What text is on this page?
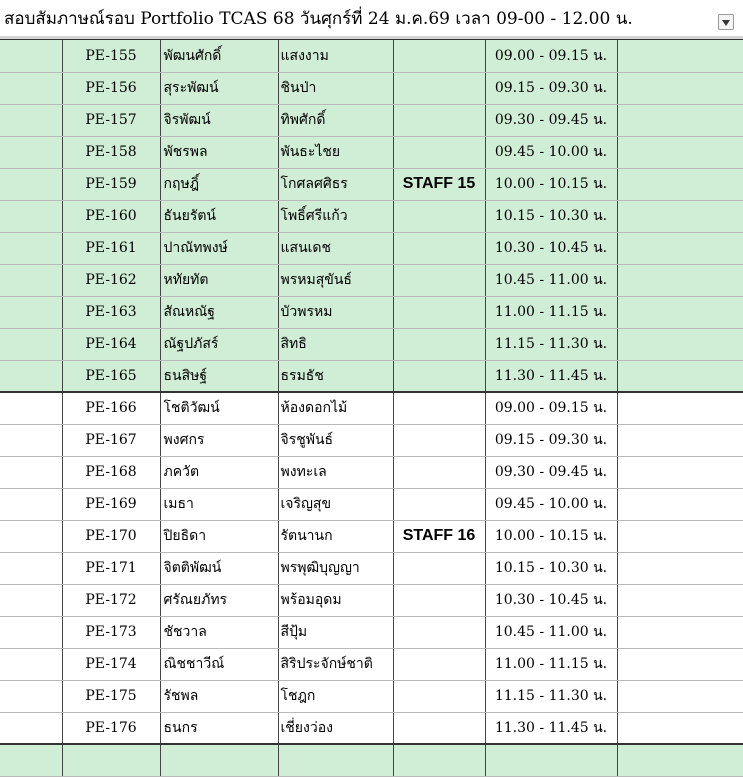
สอบสัมภาษณ์รอบ Portfolio TCAS 68 วันศุกร์ที่ 24 ม.ค.69 เวลา 09-00 - 12.00 น.
	PE-155	พัฒนศักดิ์	แสงงาม		09.00 - 09.15 น.	
	PE-156	สุระพัฒน์	ชินป่า		09.15 - 09.30 น.	
	PE-157	จิรพัฒน์	ทิพศักดิ์		09.30 - 09.45 น.	
	PE-158	พัชรพล	พันธะไชย		09.45 - 10.00 น.	
	PE-159	กฤษฎิ์	โกศลศศิธร	STAFF 15	10.00 - 10.15 น.	
	PE-160	ธันยรัตน์	โพธิ์ศรีแก้ว		10.15 - 10.30 น.	
	PE-161	ปาณัทพงษ์	แสนเดช		10.30 - 10.45 น.	
	PE-162	หทัยทัต	พรหมสุขันธ์		10.45 - 11.00 น.	
	PE-163	สัณหณัฐ	บัวพรหม		11.00 - 11.15 น.	
	PE-164	ณัฐปภัสร์	สิทธิ		11.15 - 11.30 น.	
	PE-165	ธนสิษฐ์	ธรมธัช		11.30 - 11.45 น.	
	PE-166	โชติวัฒน์	ห้องดอกไม้		09.00 - 09.15 น.	
	PE-167	พงศกร	จิรชูพันธ์		09.15 - 09.30 น.	
	PE-168	ภควัต	พงทะเล		09.30 - 09.45 น.	
	PE-169	เมธา	เจริญสุข		09.45 - 10.00 น.	
	PE-170	ปิยธิดา	รัตนานก	STAFF 16	10.00 - 10.15 น.	
	PE-171	จิตติพัฒน์	พรพุฒิบุญญา		10.15 - 10.30 น.	
	PE-172	ศรัณยภัทร	พร้อมอุดม		10.30 - 10.45 น.	
	PE-173	ชัชวาล	สีปุ้ม		10.45 - 11.00 น.	
	PE-174	ณิชชาวีณ์	สิริประจักษ์ชาติ		11.00 - 11.15 น.	
	PE-175	รัชพล	โชฎก		11.15 - 11.30 น.	
	PE-176	ธนกร	เชี่ยงว่อง		11.30 - 11.45 น.	
